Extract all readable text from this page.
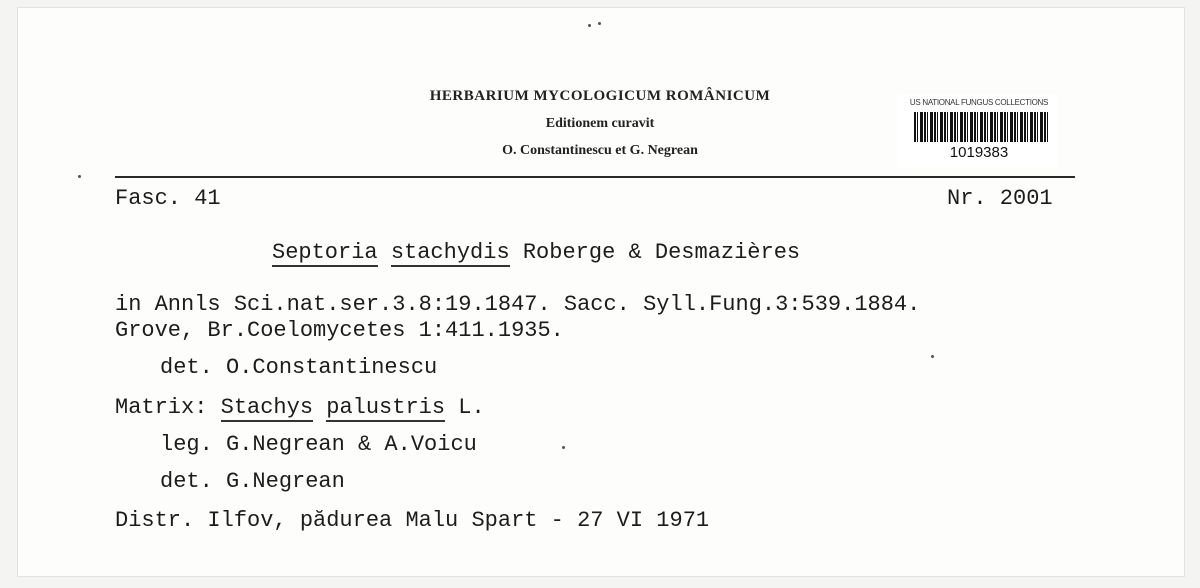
HERBARIUM MYCOLOGICUM ROMÂNICUM
Editionem curavit
O. Constantinescu et G. Negrean
US NATIONAL FUNGUS COLLECTIONS
1019383
Fasc. 41	Nr. 2001
Septoria stachydis Roberge & Desmazières
in Annls Sci.nat.ser.3.8:19.1847. Sacc. Syll.Fung.3:539.1884.
Grove, Br.Coelomycetes 1:411.1935.
det. O.Constantinescu
Matrix: Stachys palustris L.
leg. G.Negrean & A.Voicu
det. G.Negrean
Distr. Ilfov, pădurea Malu Spart - 27 VI 1971
